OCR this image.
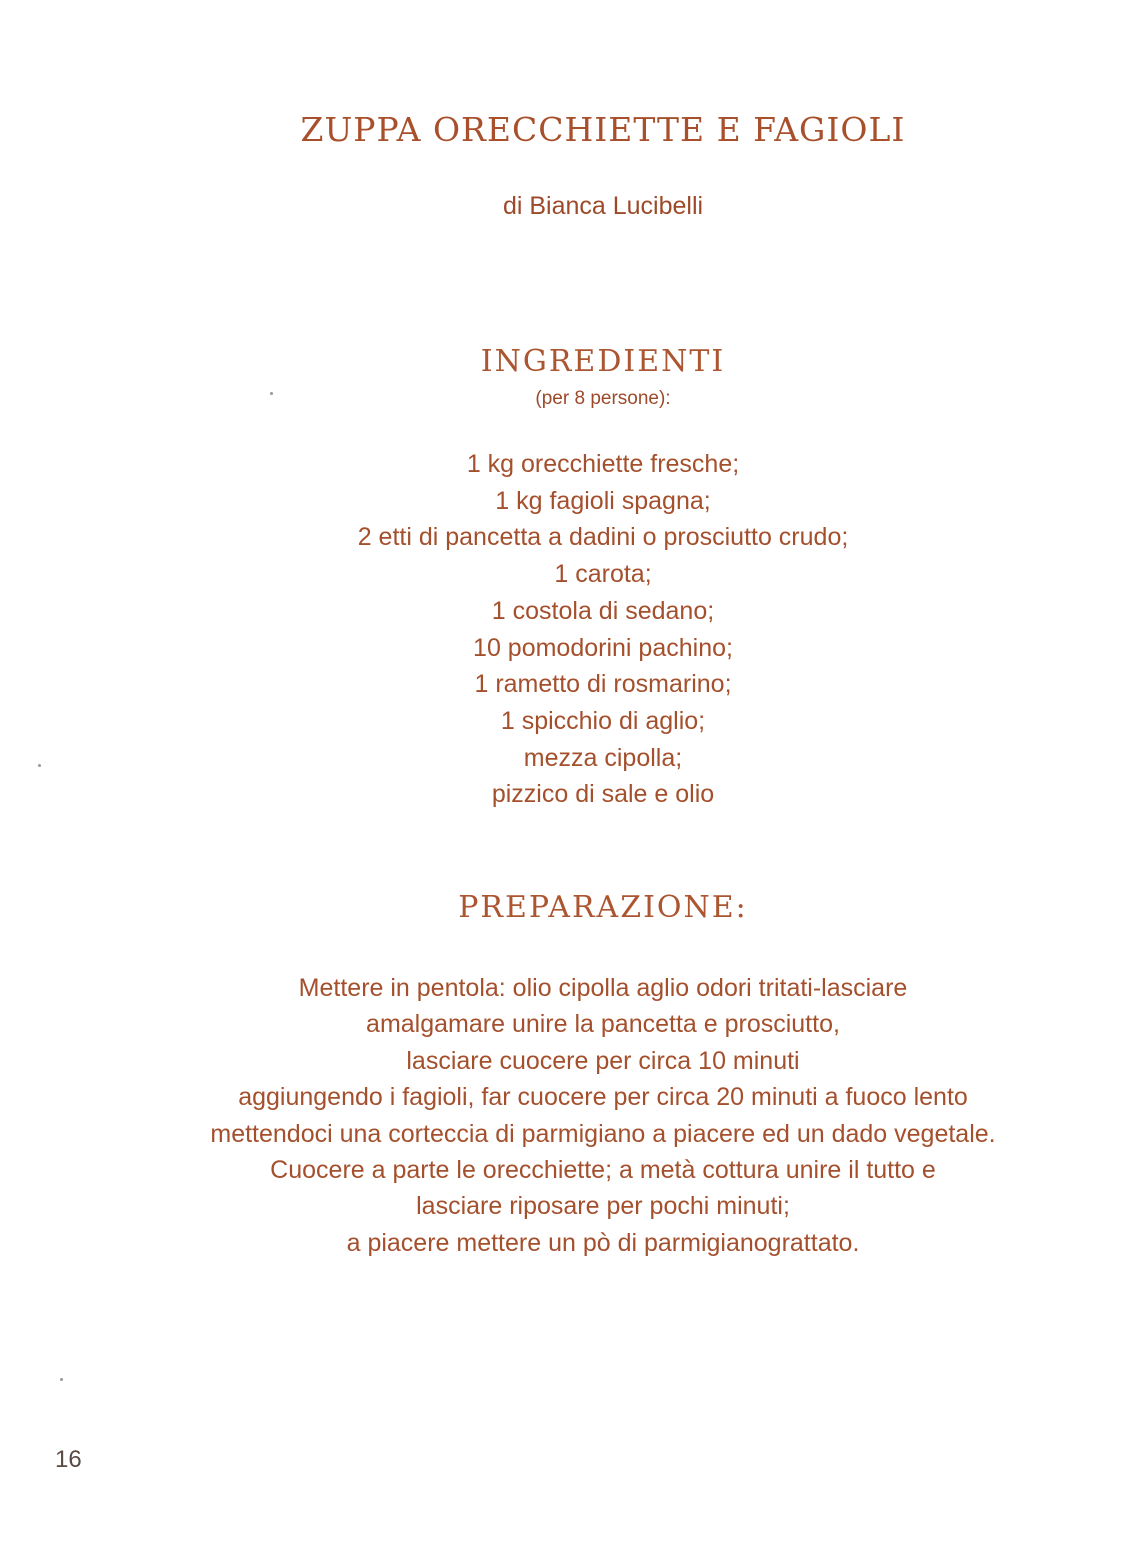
ZUPPA ORECCHIETTE E FAGIOLI
di Bianca Lucibelli
INGREDIENTI
(per 8 persone):
1 kg orecchiette fresche;
1 kg fagioli spagna;
2 etti di pancetta a dadini o prosciutto crudo;
1 carota;
1 costola di sedano;
10 pomodorini pachino;
1 rametto di rosmarino;
1 spicchio di aglio;
mezza cipolla;
pizzico di sale e olio
PREPARAZIONE:
Mettere in pentola: olio cipolla aglio odori tritati-lasciare
amalgamare unire la pancetta e prosciutto,
lasciare cuocere per circa 10 minuti
aggiungendo i fagioli, far cuocere per circa 20 minuti a fuoco lento
mettendoci una corteccia di parmigiano a piacere ed un dado vegetale.
Cuocere a parte le orecchiette; a metà cottura unire il tutto e
lasciare riposare per pochi minuti;
a piacere mettere un pò di parmigianograttato.
16
